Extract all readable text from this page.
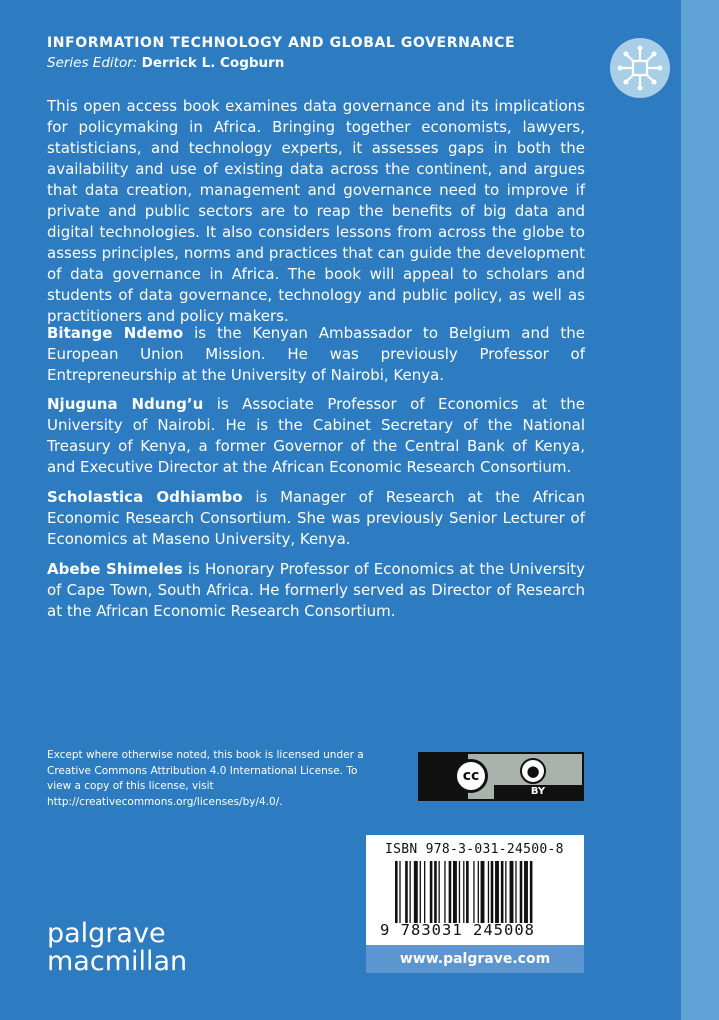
INFORMATION TECHNOLOGY AND GLOBAL GOVERNANCE
Series Editor: Derrick L. Cogburn
This open access book examines data governance and its implications for policymaking in Africa. Bringing together economists, lawyers, statisticians, and technology experts, it assesses gaps in both the availability and use of existing data across the continent, and argues that data creation, management and governance need to improve if private and public sectors are to reap the benefits of big data and digital technologies. It also considers lessons from across the globe to assess principles, norms and practices that can guide the development of data governance in Africa. The book will appeal to scholars and students of data governance, technology and public policy, as well as practitioners and policy makers.
Bitange Ndemo is the Kenyan Ambassador to Belgium and the European Union Mission. He was previously Professor of Entrepreneurship at the University of Nairobi, Kenya.
Njuguna Ndung’u is Associate Professor of Economics at the University of Nairobi. He is the Cabinet Secretary of the National Treasury of Kenya, a former Governor of the Central Bank of Kenya, and Executive Director at the African Economic Research Consortium.
Scholastica Odhiambo is Manager of Research at the African Economic Research Consortium. She was previously Senior Lecturer of Economics at Maseno University, Kenya.
Abebe Shimeles is Honorary Professor of Economics at the University of Cape Town, South Africa. He formerly served as Director of Research at the African Economic Research Consortium.
Except where otherwise noted, this book is licensed under a Creative Commons Attribution 4.0 International License. To view a copy of this license, visit http://creativecommons.org/licenses/by/4.0/.
cc	●
BY
ISBN 978-3-031-24500-8
9 783031 245008
www.palgrave.com
palgrave
macmillan
